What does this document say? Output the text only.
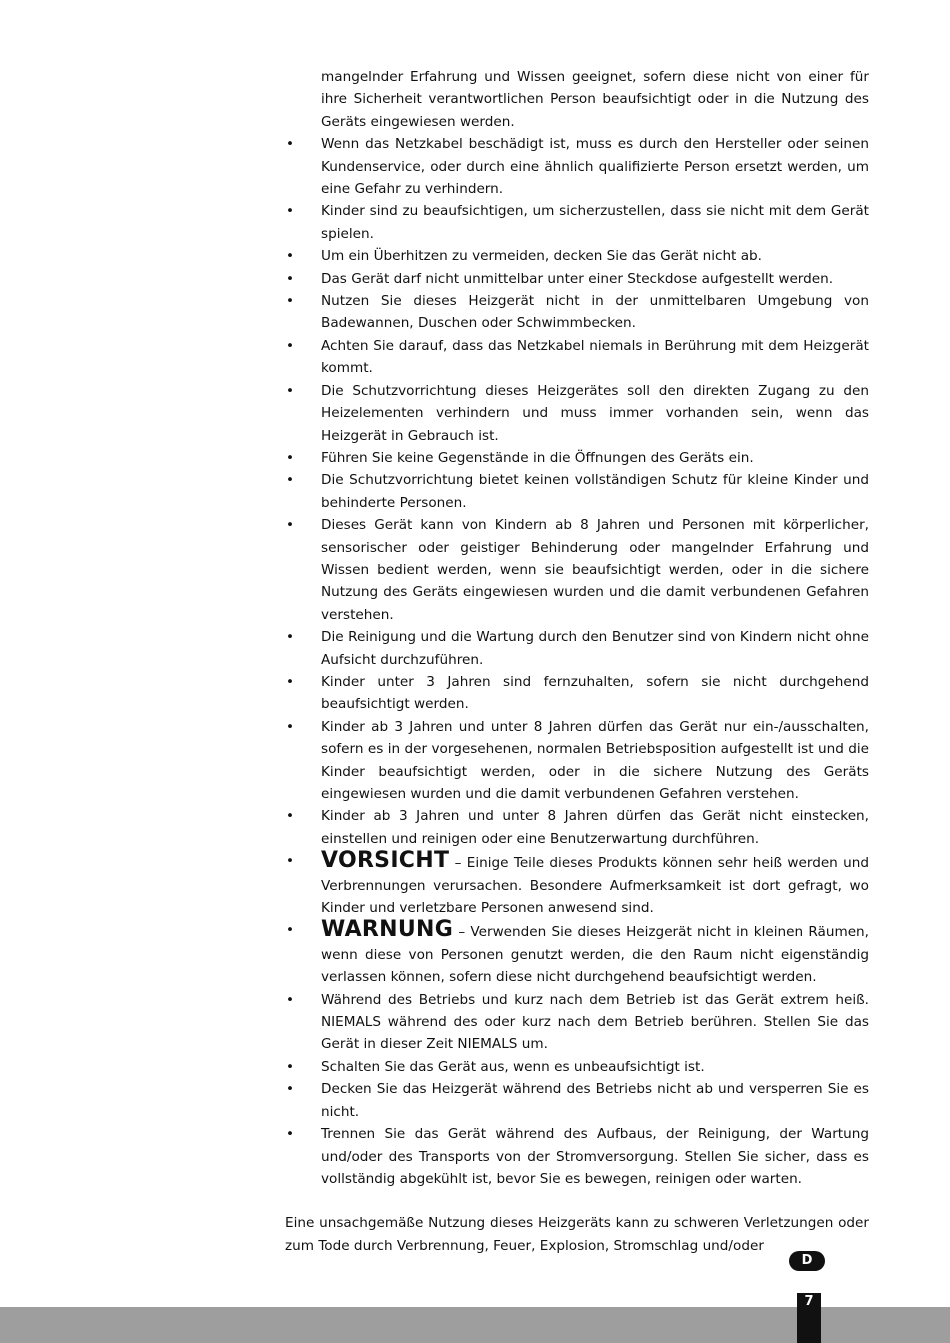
mangelnder Erfahrung und Wissen geeignet, sofern diese nicht von einer für ihre Sicherheit verantwortlichen Person beaufsichtigt oder in die Nutzung des Geräts eingewiesen werden.

• Wenn das Netzkabel beschädigt ist, muss es durch den Hersteller oder seinen Kundenservice, oder durch eine ähnlich qualifizierte Person ersetzt werden, um eine Gefahr zu verhindern.
• Kinder sind zu beaufsichtigen, um sicherzustellen, dass sie nicht mit dem Gerät spielen.
• Um ein Überhitzen zu vermeiden, decken Sie das Gerät nicht ab.
• Das Gerät darf nicht unmittelbar unter einer Steckdose aufgestellt werden.
• Nutzen Sie dieses Heizgerät nicht in der unmittelbaren Umgebung von Badewannen, Duschen oder Schwimmbecken.
• Achten Sie darauf, dass das Netzkabel niemals in Berührung mit dem Heizgerät kommt.
• Die Schutzvorrichtung dieses Heizgerätes soll den direkten Zugang zu den Heizelementen verhindern und muss immer vorhanden sein, wenn das Heizgerät in Gebrauch ist.
• Führen Sie keine Gegenstände in die Öffnungen des Geräts ein.
• Die Schutzvorrichtung bietet keinen vollständigen Schutz für kleine Kinder und behinderte Personen.
• Dieses Gerät kann von Kindern ab 8 Jahren und Personen mit körperlicher, sensorischer oder geistiger Behinderung oder mangelnder Erfahrung und Wissen bedient werden, wenn sie beaufsichtigt werden, oder in die sichere Nutzung des Geräts eingewiesen wurden und die damit verbundenen Gefahren verstehen.
• Die Reinigung und die Wartung durch den Benutzer sind von Kindern nicht ohne Aufsicht durchzuführen.
• Kinder unter 3 Jahren sind fernzuhalten, sofern sie nicht durchgehend beaufsichtigt werden.
• Kinder ab 3 Jahren und unter 8 Jahren dürfen das Gerät nur ein-/ausschalten, sofern es in der vorgesehenen, normalen Betriebsposition aufgestellt ist und die Kinder beaufsichtigt werden, oder in die sichere Nutzung des Geräts eingewiesen wurden und die damit verbundenen Gefahren verstehen.
• Kinder ab 3 Jahren und unter 8 Jahren dürfen das Gerät nicht einstecken, einstellen und reinigen oder eine Benutzerwartung durchführen.
• VORSICHT – Einige Teile dieses Produkts können sehr heiß werden und Verbrennungen verursachen. Besondere Aufmerksamkeit ist dort gefragt, wo Kinder und verletzbare Personen anwesend sind.
• WARNUNG – Verwenden Sie dieses Heizgerät nicht in kleinen Räumen, wenn diese von Personen genutzt werden, die den Raum nicht eigenständig verlassen können, sofern diese nicht durchgehend beaufsichtigt werden.
• Während des Betriebs und kurz nach dem Betrieb ist das Gerät extrem heiß. NIEMALS während des oder kurz nach dem Betrieb berühren. Stellen Sie das Gerät in dieser Zeit NIEMALS um.
• Schalten Sie das Gerät aus, wenn es unbeaufsichtigt ist.
• Decken Sie das Heizgerät während des Betriebs nicht ab und versperren Sie es nicht.
• Trennen Sie das Gerät während des Aufbaus, der Reinigung, der Wartung und/oder des Transports von der Stromversorgung. Stellen Sie sicher, dass es vollständig abgekühlt ist, bevor Sie es bewegen, reinigen oder warten.

Eine unsachgemäße Nutzung dieses Heizgeräts kann zu schweren Verletzungen oder zum Tode durch Verbrennung, Feuer, Explosion, Stromschlag und/oder

D
7
